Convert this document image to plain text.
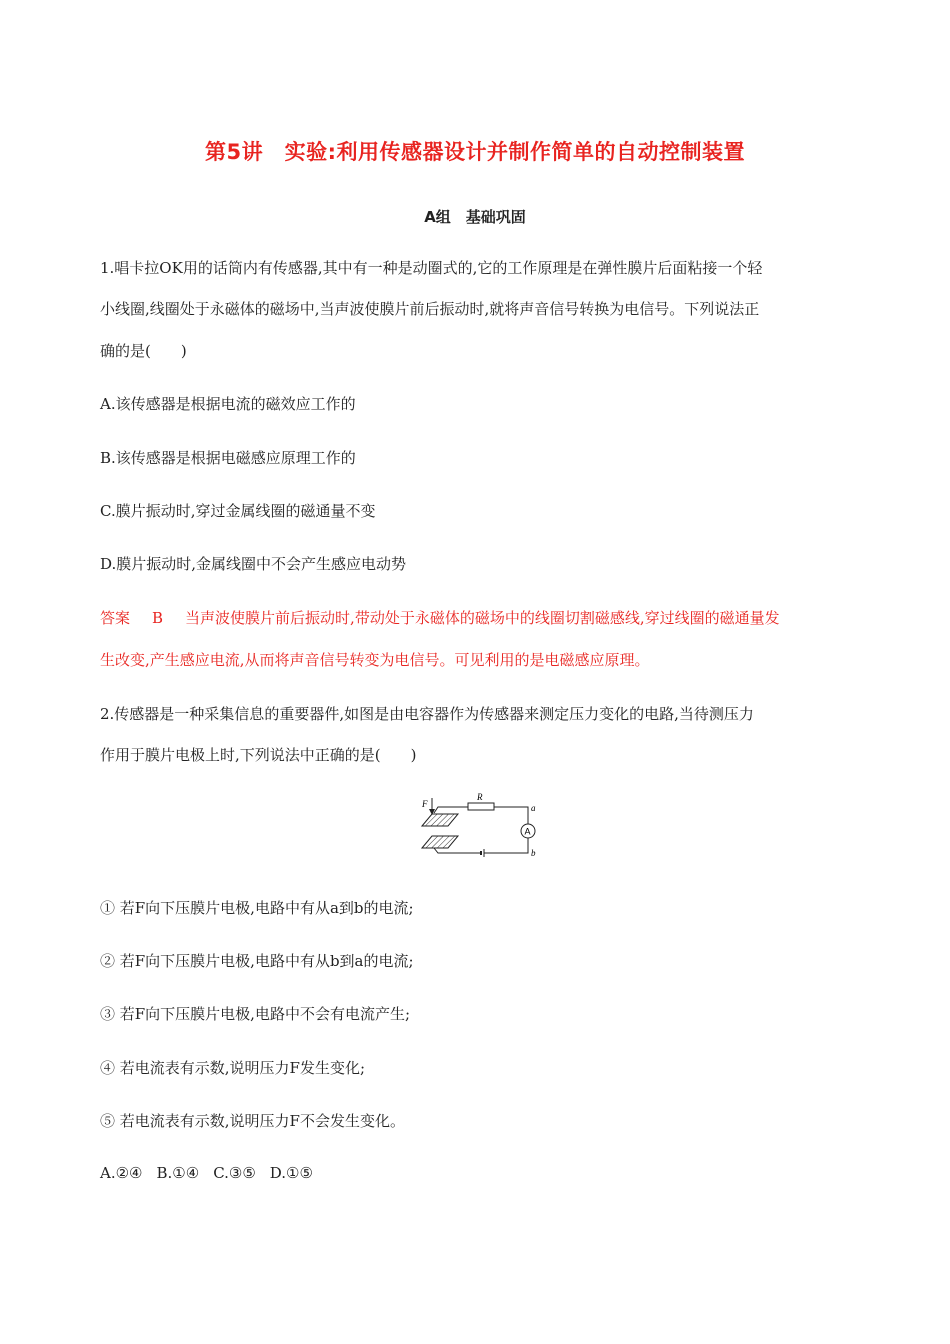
第5讲　实验:利用传感器设计并制作简单的自动控制装置
A组　基础巩固
1.唱卡拉OK用的话筒内有传感器,其中有一种是动圈式的,它的工作原理是在弹性膜片后面粘接一个轻
小线圈,线圈处于永磁体的磁场中,当声波使膜片前后振动时,就将声音信号转换为电信号。下列说法正
确的是(　　)
A.该传感器是根据电流的磁效应工作的
B.该传感器是根据电磁感应原理工作的
C.膜片振动时,穿过金属线圈的磁通量不变
D.膜片振动时,金属线圈中不会产生感应电动势
答案 B 当声波使膜片前后振动时,带动处于永磁体的磁场中的线圈切割磁感线,穿过线圈的磁通量发
生改变,产生感应电流,从而将声音信号转变为电信号。可见利用的是电磁感应原理。
2.传感器是一种采集信息的重要器件,如图是由电容器作为传感器来测定压力变化的电路,当待测压力
作用于膜片电极上时,下列说法中正确的是(　　)
F
R
a
A
b
① 若F向下压膜片电极,电路中有从a到b的电流;
② 若F向下压膜片电极,电路中有从b到a的电流;
③ 若F向下压膜片电极,电路中不会有电流产生;
④ 若电流表有示数,说明压力F发生变化;
⑤ 若电流表有示数,说明压力F不会发生变化。
A.②④ B.①④ C.③⑤ D.①⑤
